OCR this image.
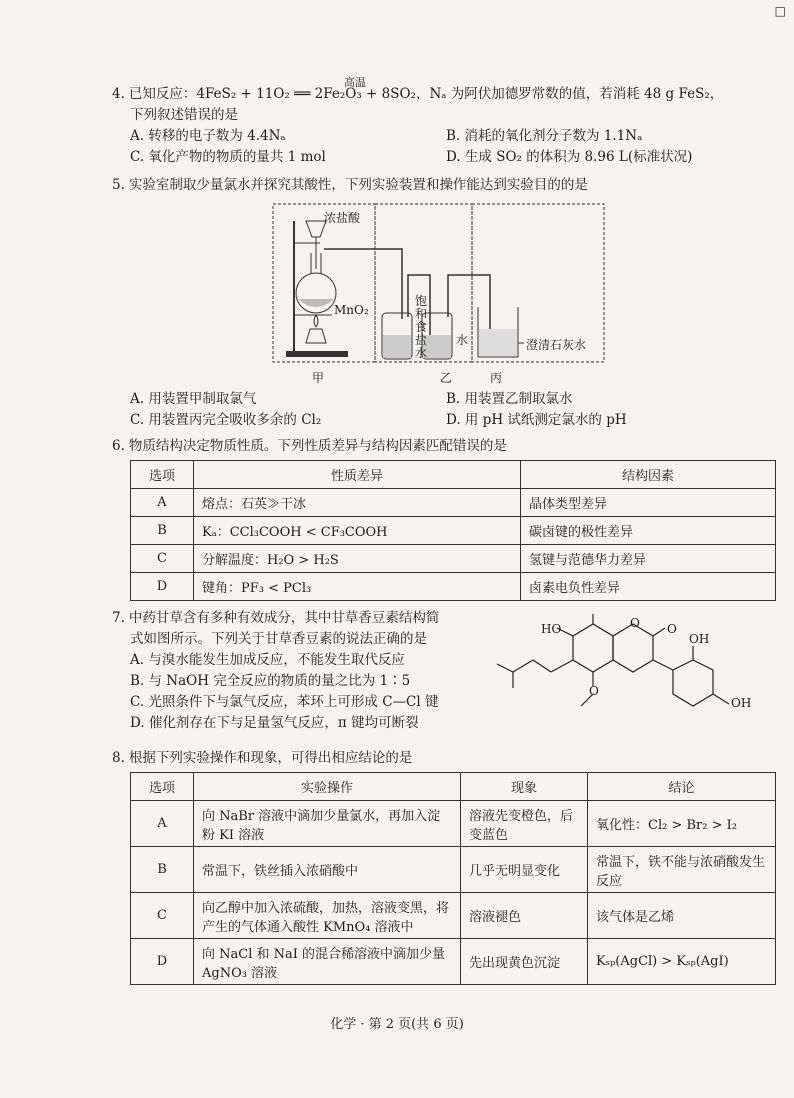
□
4. 已知反应：4FeS₂ + 11O₂ ══ 2Fe₂O₃ + 8SO₂，Nₐ 为阿伏加德罗常数的值，若消耗 48 g FeS₂，
高温
下列叙述错误的是
A. 转移的电子数为 4.4Nₐ	B. 消耗的氧化剂分子数为 1.1Nₐ
C. 氧化产物的物质的量共 1 mol	D. 生成 SO₂ 的体积为 8.96 L(标准状况)
5. 实验室制取少量氯水并探究其酸性，下列实验装置和操作能达到实验目的的是
浓盐酸
MnO₂
饱和食盐水
水	澄清石灰水
甲	乙	丙
A. 用装置甲制取氯气	B. 用装置乙制取氯水
C. 用装置丙完全吸收多余的 Cl₂	D. 用 pH 试纸测定氯水的 pH
6. 物质结构决定物质性质。下列性质差异与结构因素匹配错误的是
选项	性质差异	结构因素
A	熔点：石英≫干冰	晶体类型差异
B	Kₐ：CCl₃COOH < CF₃COOH	碳卤键的极性差异
C	分解温度：H₂O > H₂S	氢键与范德华力差异
D	键角：PF₃ < PCl₃	卤素电负性差异
7. 中药甘草含有多种有效成分，其中甘草香豆素结构简
式如图所示。下列关于甘草香豆素的说法正确的是
A. 与溴水能发生加成反应，不能发生取代反应
B. 与 NaOH 完全反应的物质的量之比为 1∶5
C. 光照条件下与氯气反应，苯环上可形成 C—Cl 键
D. 催化剂存在下与足量氢气反应，π 键均可断裂
HO	O O
OH
OH
O
8. 根据下列实验操作和现象，可得出相应结论的是
选项	实验操作	现象	结论
A	向 NaBr 溶液中滴加少量氯水，再加入淀粉 KI 溶液	溶液先变橙色，后变蓝色	氧化性：Cl₂ > Br₂ > I₂
B	常温下，铁丝插入浓硝酸中	几乎无明显变化	常温下，铁不能与浓硝酸发生反应
C	向乙醇中加入浓硫酸，加热，溶液变黑，将产生的气体通入酸性 KMnO₄ 溶液中	溶液褪色	该气体是乙烯
D	向 NaCl 和 NaI 的混合稀溶液中滴加少量 AgNO₃ 溶液	先出现黄色沉淀	Kₛₚ(AgCl) > Kₛₚ(AgI)
化学 · 第 2 页(共 6 页)
